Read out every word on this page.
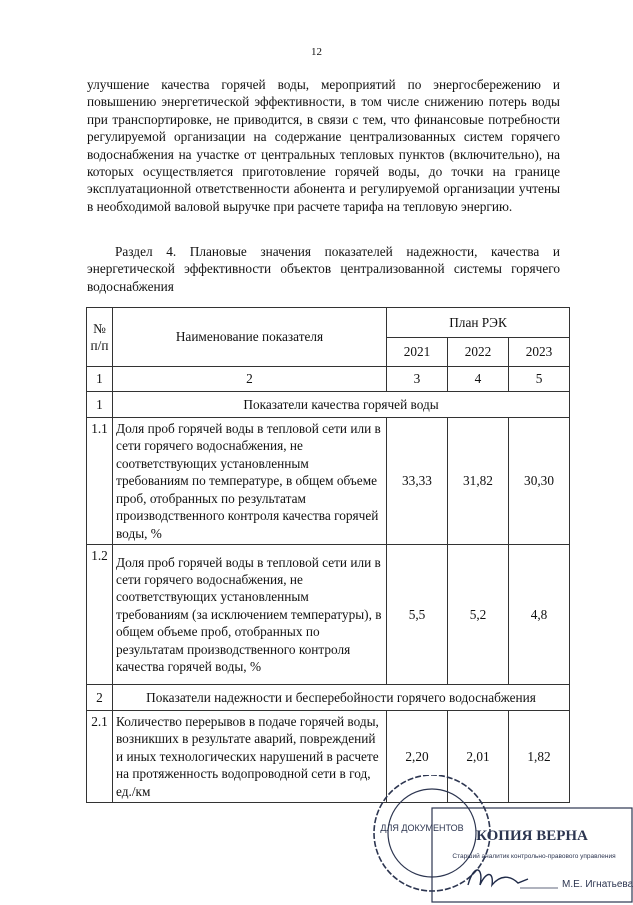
12
улучшение качества горячей воды, мероприятий по энергосбережению и повышению энергетической эффективности, в том числе снижению потерь воды при транспортировке, не приводится, в связи с тем, что финансовые потребности регулируемой организации на содержание централизованных систем горячего водоснабжения на участке от центральных тепловых пунктов (включительно), на которых осуществляется приготовление горячей воды, до точки на границе эксплуатационной ответственности абонента и регулируемой организации учтены в необходимой валовой выручке при расчете тарифа на тепловую энергию.
Раздел 4. Плановые значения показателей надежности, качества и энергетической эффективности объектов централизованной системы горячего водоснабжения
№ п/п	Наименование показателя	План РЭК		
		2021	2022	2023
1	2	3	4	5
1	Показатели качества горячей воды			
1.1	Доля проб горячей воды в тепловой сети или в сети горячего водоснабжения, не соответствующих установленным требованиям по температуре, в общем объеме проб, отобранных по результатам производственного контроля качества горячей воды, %	33,33	31,82	30,30
1.2	Доля проб горячей воды в тепловой сети или в сети горячего водоснабжения, не соответствующих установленным требованиям (за исключением температуры), в общем объеме проб, отобранных по результатам производственного контроля качества горячей воды, %	5,5	5,2	4,8
2	Показатели надежности и бесперебойности горячего водоснабжения			
2.1	Количество перерывов в подаче горячей воды, возникших в результате аварий, повреждений и иных технологических нарушений в расчете на протяженность водопроводной сети в год, ед./км	2,20	2,01	1,82
ДЛЯ ДОКУМЕНТОВ КОПИЯ ВЕРНА
Старший аналитик контрольно-правового управления
М.Е. Игнатьева
